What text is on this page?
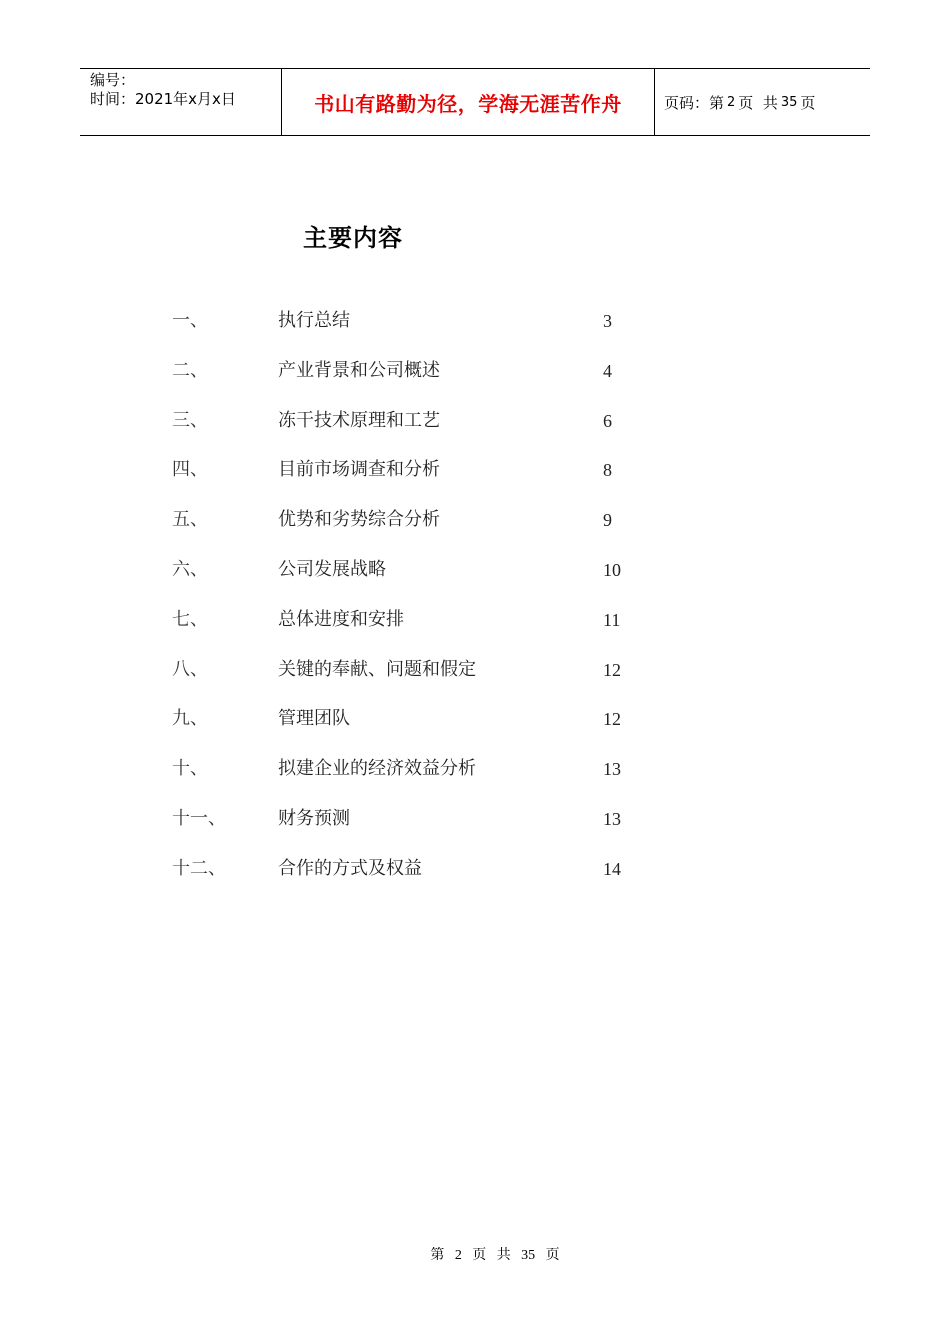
编号：
时间：2021年x月x日	书山有路勤为径，学海无涯苦作舟	页码：第 2 页  共 35 页
主要内容
一、	执行总结	3
二、	产业背景和公司概述	4
三、	冻干技术原理和工艺	6
四、	目前市场调查和分析	8
五、	优势和劣势综合分析	9
六、	公司发展战略	10
七、	总体进度和安排	11
八、	关键的奉献、问题和假定	12
九、	管理团队	12
十、	拟建企业的经济效益分析	13
十一、	财务预测	13
十二、	合作的方式及权益	14
第 2 页 共 35 页
